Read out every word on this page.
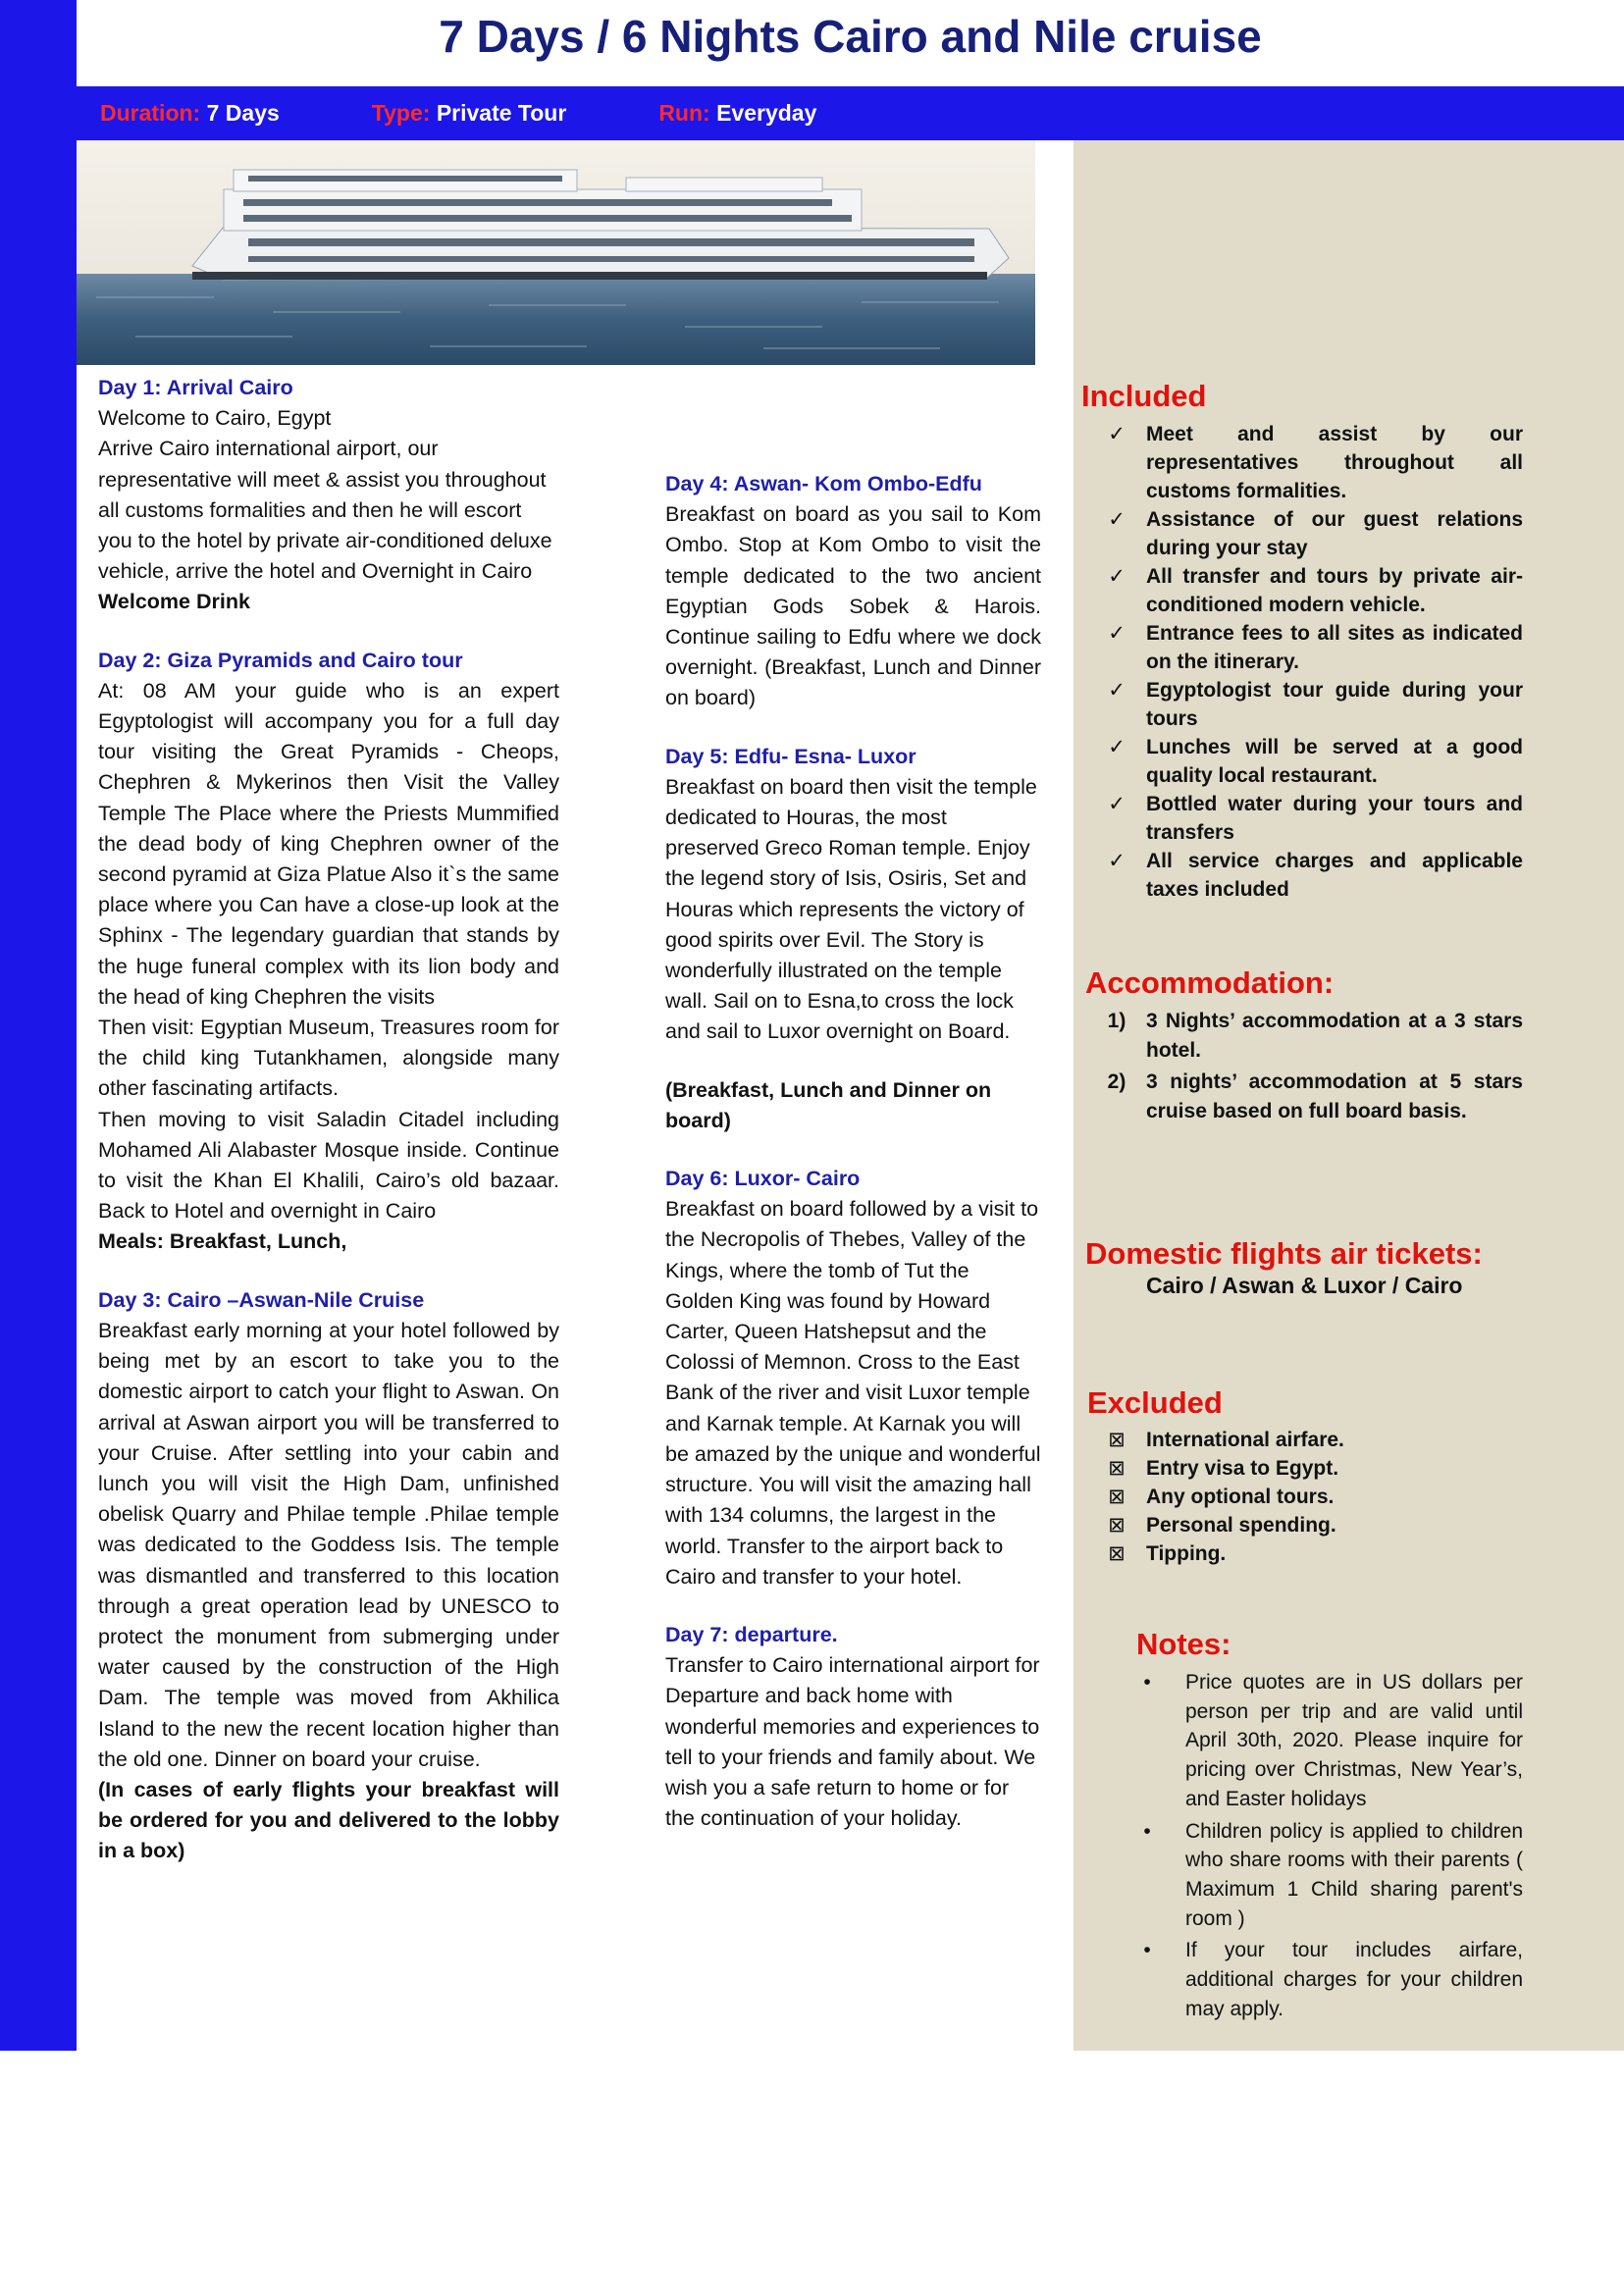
7 Days / 6 Nights Cairo and Nile cruise
Duration: 7 Days	Type: Private Tour	Run: Everyday

Day 1: Arrival Cairo

Welcome to Cairo, Egypt

Arrive Cairo international airport, our representative will meet & assist you throughout all customs formalities and then he will escort you to the hotel by private air-conditioned deluxe vehicle, arrive the hotel and Overnight in Cairo

Welcome Drink

Day 2: Giza Pyramids and Cairo tour

At: 08 AM your guide who is an expert Egyptologist will accompany you for a full day tour visiting the Great Pyramids - Cheops, Chephren & Mykerinos then Visit the Valley Temple The Place where the Priests Mummified the dead body of king Chephren owner of the second pyramid at Giza Platue Also it`s the same place where you Can have a close-up look at the Sphinx - The legendary guardian that stands by the huge funeral complex with its lion body and the head of king Chephren the visits

Then visit: Egyptian Museum, Treasures room for the child king Tutankhamen, alongside many other fascinating artifacts.

Then moving to visit Saladin Citadel including Mohamed Ali Alabaster Mosque inside. Continue to visit the Khan El Khalili, Cairo’s old bazaar. Back to Hotel and overnight in Cairo

Meals: Breakfast, Lunch,

Day 3: Cairo –Aswan-Nile Cruise

Breakfast early morning at your hotel followed by being met by an escort to take you to the domestic airport to catch your flight to Aswan. On arrival at Aswan airport you will be transferred to your Cruise. After settling into your cabin and lunch you will visit the High Dam, unfinished obelisk Quarry and Philae temple .Philae temple was dedicated to the Goddess Isis. The temple was dismantled and transferred to this location through a great operation lead by UNESCO to protect the monument from submerging under water caused by the construction of the High Dam. The temple was moved from Akhilica Island to the new the recent location higher than the old one. Dinner on board your cruise.

(In cases of early flights your breakfast will be ordered for you and delivered to the lobby in a box)

Day 4: Aswan- Kom Ombo-Edfu

Breakfast on board as you sail to Kom Ombo. Stop at Kom Ombo to visit the temple dedicated to the two ancient Egyptian Gods Sobek & Harois. Continue sailing to Edfu where we dock overnight. (Breakfast, Lunch and Dinner on board)

Day 5: Edfu- Esna- Luxor

Breakfast on board then visit the temple dedicated to Houras, the most preserved Greco Roman temple. Enjoy the legend story of Isis, Osiris, Set and Houras which represents the victory of good spirits over Evil. The Story is wonderfully illustrated on the temple wall. Sail on to Esna,to cross the lock and sail to Luxor overnight on Board.

(Breakfast, Lunch and Dinner on board)

Day 6: Luxor- Cairo

Breakfast on board followed by a visit to the Necropolis of Thebes, Valley of the Kings, where the tomb of Tut the Golden King was found by Howard Carter, Queen Hatshepsut and the Colossi of Memnon. Cross to the East Bank of the river and visit Luxor temple and Karnak temple. At Karnak you will be amazed by the unique and wonderful structure. You will visit the amazing hall with 134 columns, the largest in the world. Transfer to the airport back to Cairo and transfer to your hotel.

Day 7: departure.

Transfer to Cairo international airport for Departure and back home with wonderful memories and experiences to tell to your friends and family about. We wish you a safe return to home or for the continuation of your holiday.

Included
✓	Meet and assist by our representatives throughout all customs formalities.
✓	Assistance of our guest relations during your stay
✓	All transfer and tours by private air-conditioned modern vehicle.
✓	Entrance fees to all sites as indicated on the itinerary.
✓	Egyptologist tour guide during your tours
✓	Lunches will be served at a good quality local restaurant.
✓	Bottled water during your tours and transfers
✓	All service charges and applicable taxes included
Accommodation:
1) 3 Nights’ accommodation at a 3 stars hotel.
2) 3 nights’ accommodation at 5 stars cruise based on full board basis.
Domestic flights air tickets:
Cairo / Aswan & Luxor / Cairo
Excluded
⊠	International airfare.
⊠	Entry visa to Egypt.
⊠	Any optional tours.
⊠	Personal spending.
⊠	Tipping.
Notes:
•	Price quotes are in US dollars per person per trip and are valid until April 30th, 2020. Please inquire for pricing over Christmas, New Year’s, and Easter holidays
•	Children policy is applied to children who share rooms with their parents ( Maximum 1 Child sharing parent's room )
•	If your tour includes airfare, additional charges for your children may apply.
